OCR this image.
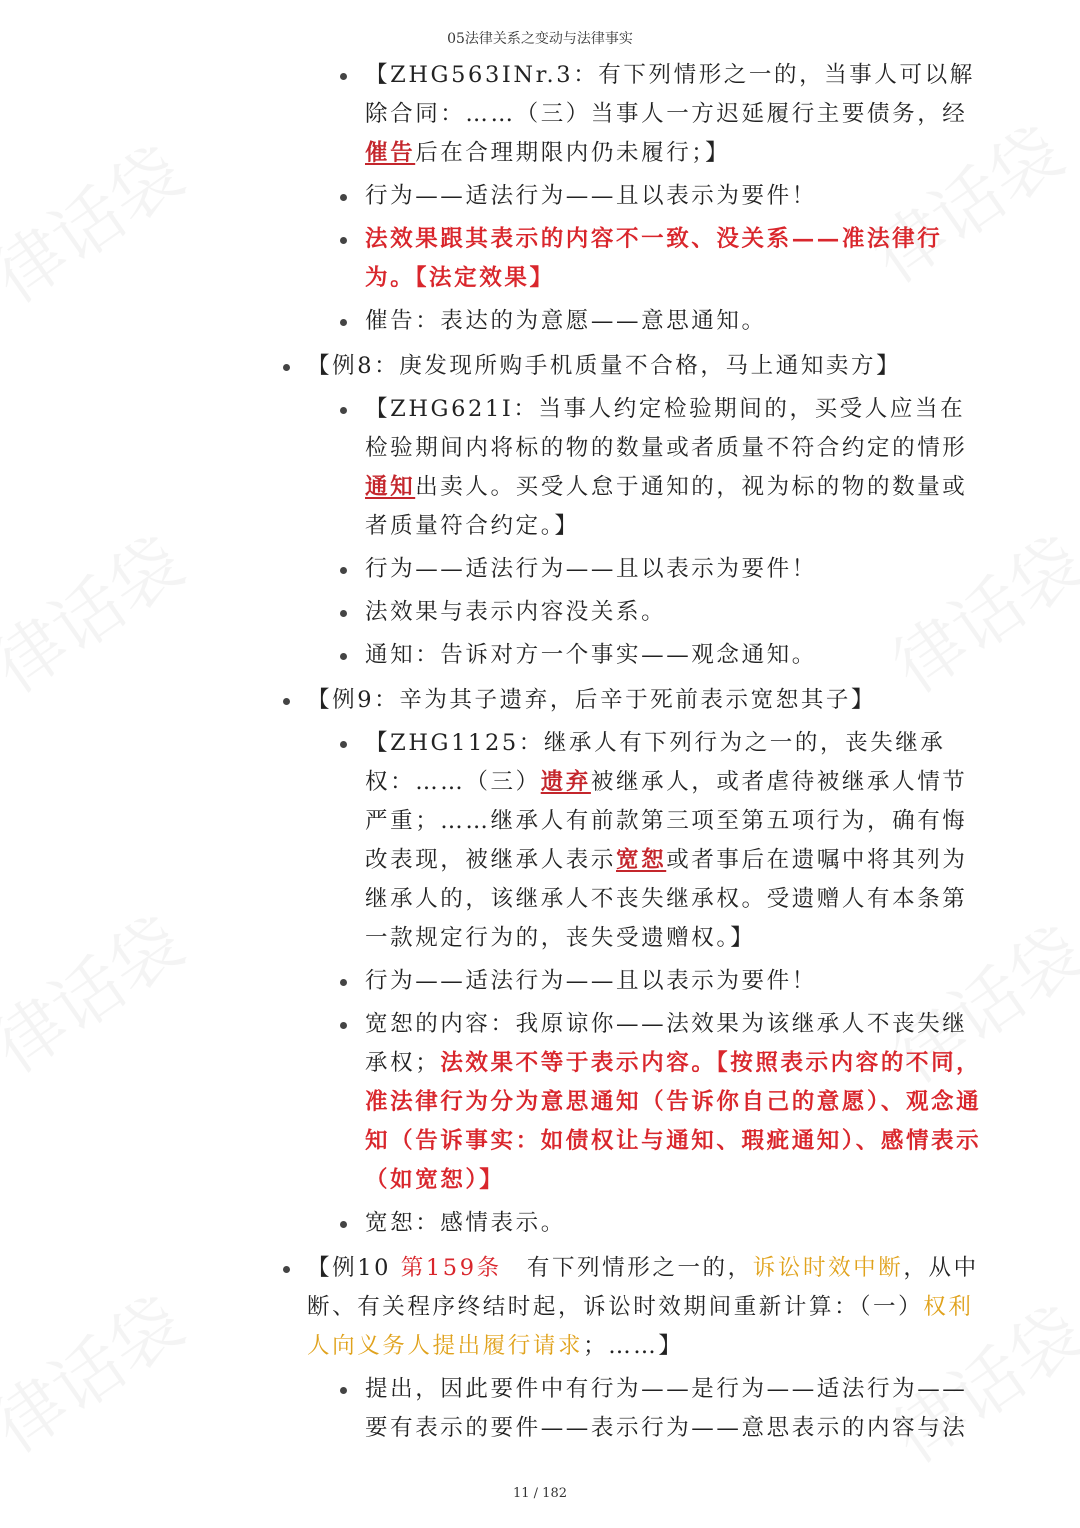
05法律关系之变动与法律事实
【ZHG563INr.3：有下列情形之一的，当事人可以解除合同：……（三）当事人一方迟延履行主要债务，经催告后在合理期限内仍未履行；】
行为——适法行为——且以表示为要件！
法效果跟其表示的内容不一致、没关系——准法律行为。【法定效果】
催告：表达的为意愿——意思通知。
【例8：庚发现所购手机质量不合格，马上通知卖方】
【ZHG621I：当事人约定检验期间的，买受人应当在检验期间内将标的物的数量或者质量不符合约定的情形通知出卖人。买受人怠于通知的，视为标的物的数量或者质量符合约定。】
行为——适法行为——且以表示为要件！
法效果与表示内容没关系。
通知：告诉对方一个事实——观念通知。
【例9：辛为其子遗弃，后辛于死前表示宽恕其子】
【ZHG1125：继承人有下列行为之一的，丧失继承权：……（三）遗弃被继承人，或者虐待被继承人情节严重；……继承人有前款第三项至第五项行为，确有悔改表现，被继承人表示宽恕或者事后在遗嘱中将其列为继承人的，该继承人不丧失继承权。受遗赠人有本条第一款规定行为的，丧失受遗赠权。】
行为——适法行为——且以表示为要件！
宽恕的内容：我原谅你——法效果为该继承人不丧失继承权；法效果不等于表示内容。【按照表示内容的不同，准法律行为分为意思通知（告诉你自己的意愿）、观念通知（告诉事实：如债权让与通知、瑕疵通知）、感情表示（如宽恕）】
宽恕：感情表示。
【例10 第159条　有下列情形之一的，诉讼时效中断，从中断、有关程序终结时起，诉讼时效期间重新计算：（一）权利人向义务人提出履行请求；……】
提出，因此要件中有行为——是行为——适法行为——要有表示的要件——表示行为——意思表示的内容与法
11 / 182
